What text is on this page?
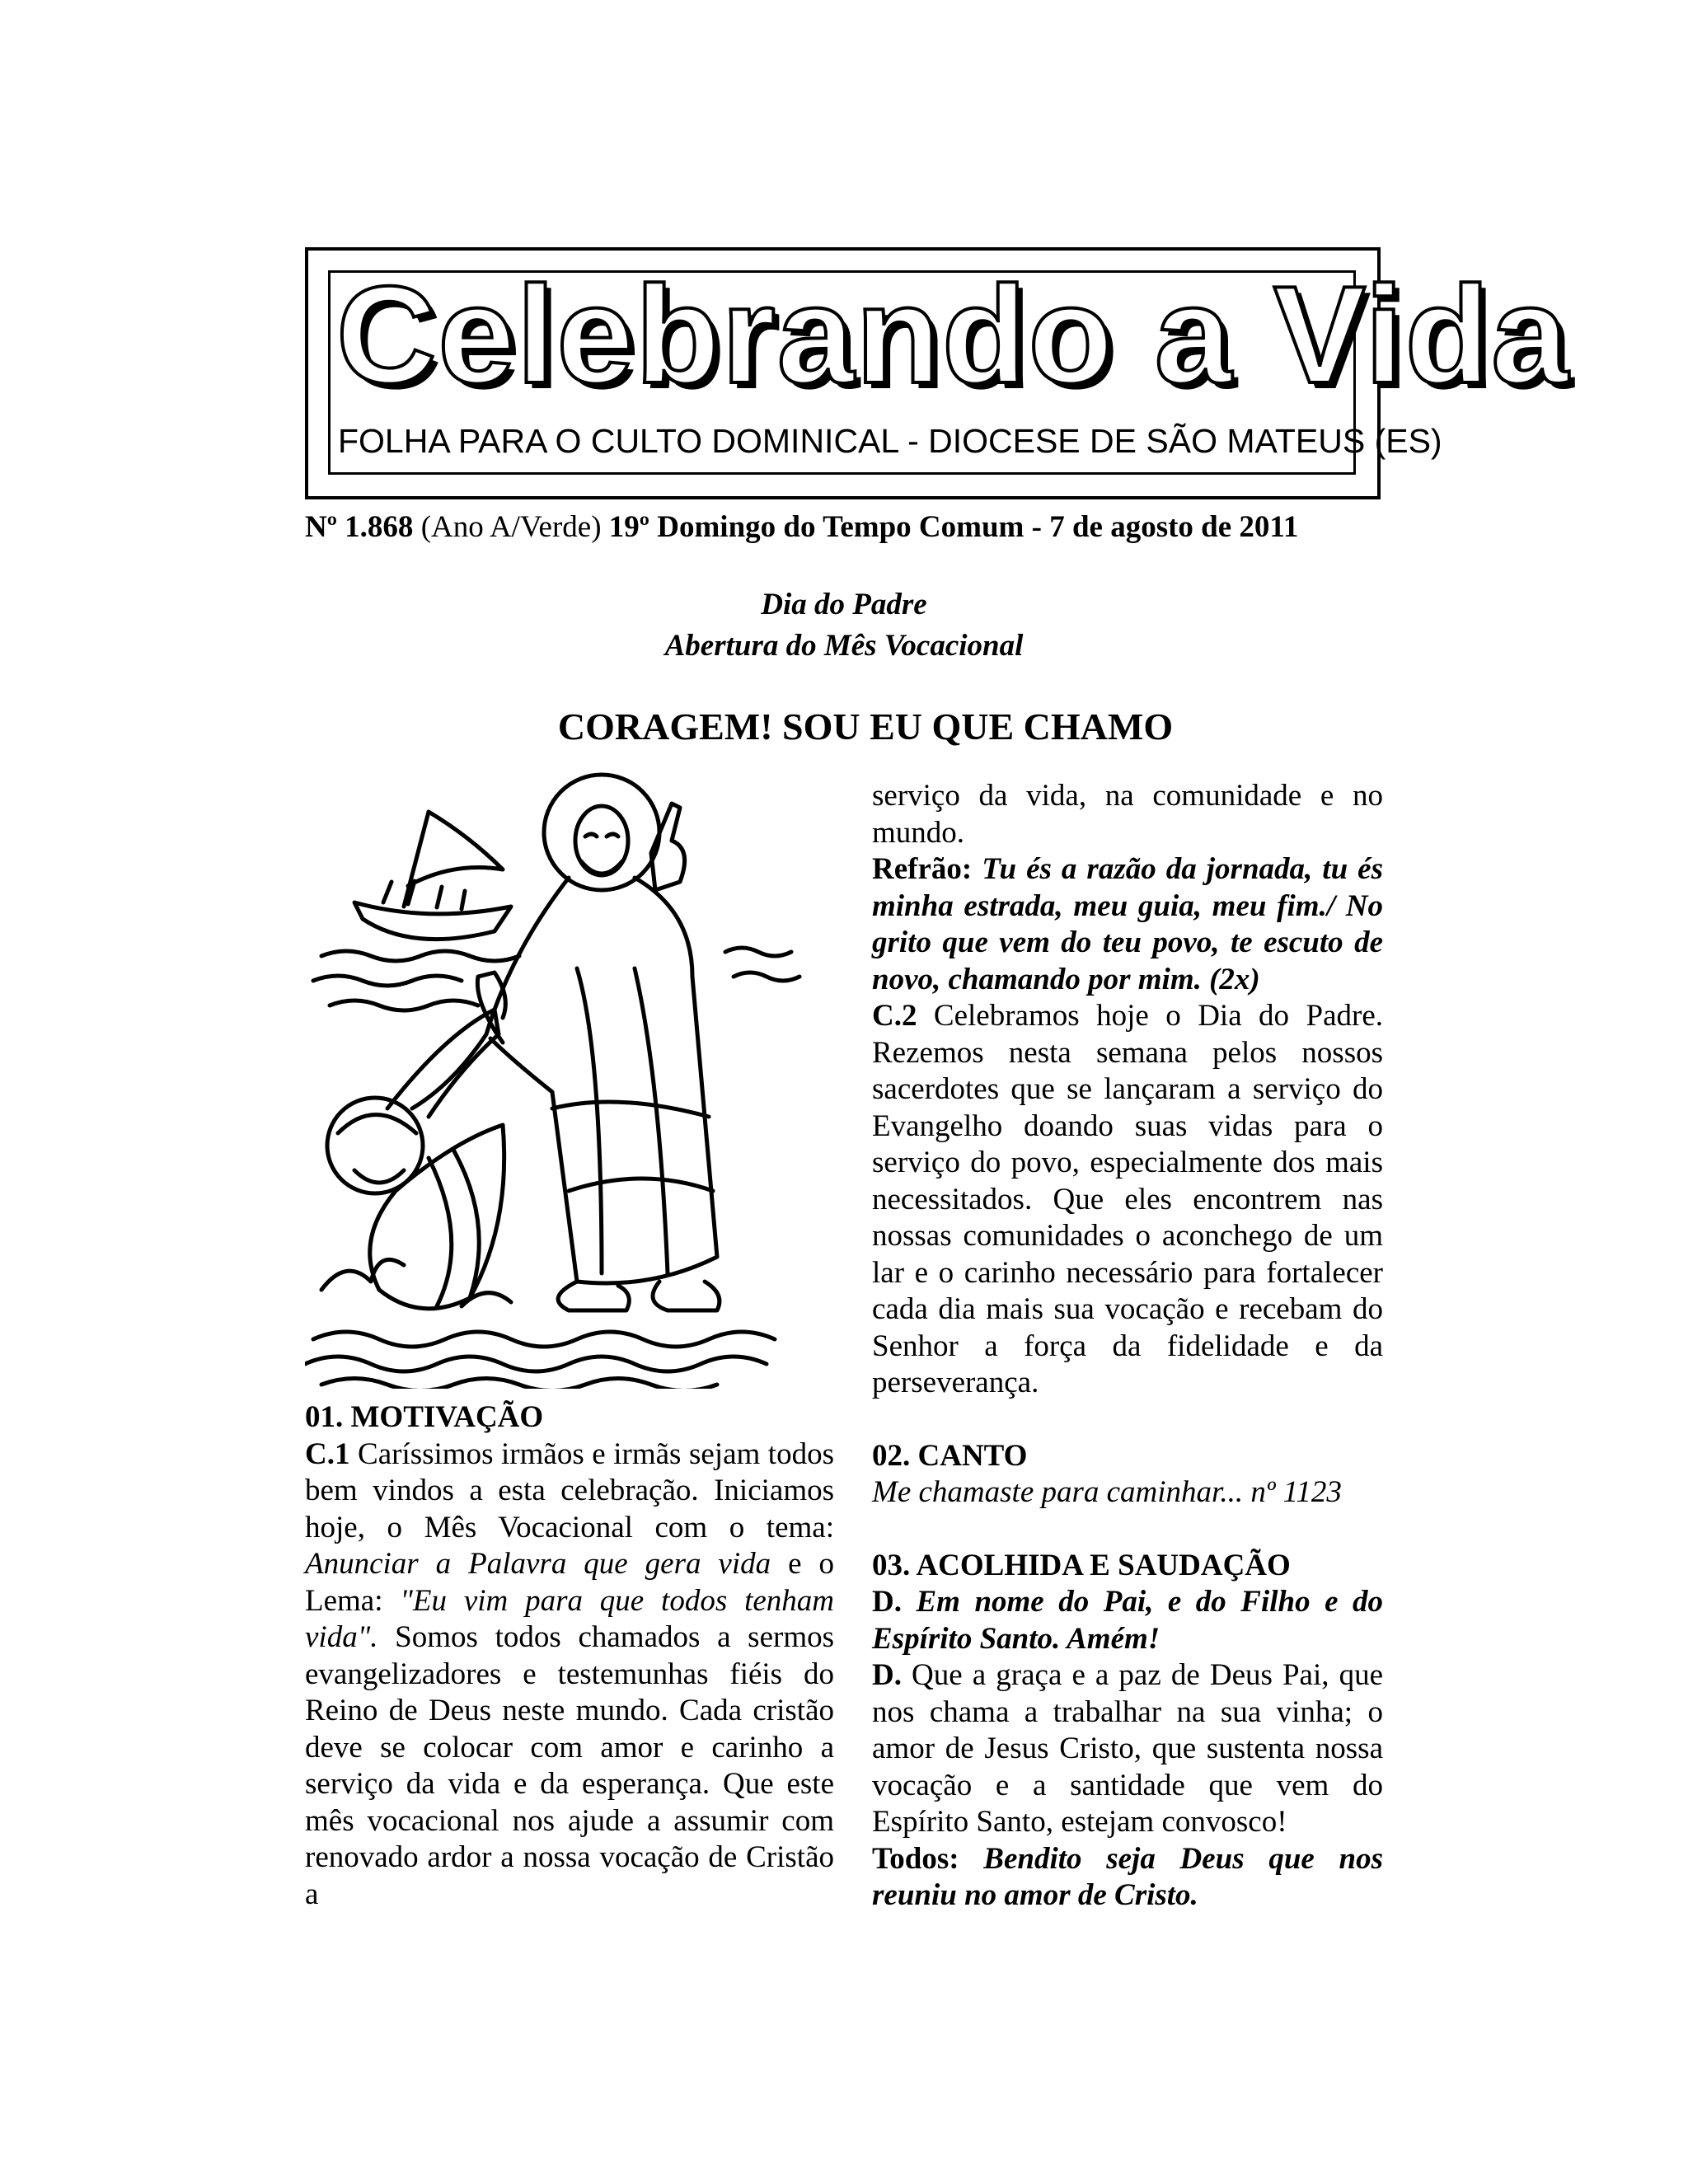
Celebrando a Vida
FOLHA PARA O CULTO DOMINICAL - DIOCESE DE SÃO MATEUS (ES)
Nº 1.868 (Ano A/Verde) 19º Domingo do Tempo Comum - 7 de agosto de 2011
Dia do Padre
Abertura do Mês Vocacional
CORAGEM! SOU EU QUE CHAMO

01. MOTIVAÇÃO

C.1 Caríssimos irmãos e irmãs sejam todos bem vindos a esta celebração. Iniciamos hoje, o Mês Vocacional com o tema: Anunciar a Palavra que gera vida e o Lema: "Eu vim para que todos tenham vida". Somos todos chamados a sermos evangelizadores e testemunhas fiéis do Reino de Deus neste mundo. Cada cristão deve se colocar com amor e carinho a serviço da vida e da esperança. Que este mês vocacional nos ajude a assumir com renovado ardor a nossa vocação de Cristão a

serviço da vida, na comunidade e no mundo.

Refrão: Tu és a razão da jornada, tu és minha estrada, meu guia, meu fim./ No grito que vem do teu povo, te escuto de novo, chamando por mim. (2x)

C.2 Celebramos hoje o Dia do Padre. Rezemos nesta semana pelos nossos sacerdotes que se lançaram a serviço do Evangelho doando suas vidas para o serviço do povo, especialmente dos mais necessitados. Que eles encontrem nas nossas comunidades o aconchego de um lar e o carinho necessário para fortalecer cada dia mais sua vocação e recebam do Senhor a força da fidelidade e da perseverança.

02. CANTO

Me chamaste para caminhar... nº 1123

03. ACOLHIDA E SAUDAÇÃO

D. Em nome do Pai, e do Filho e do Espírito Santo. Amém!

D. Que a graça e a paz de Deus Pai, que nos chama a trabalhar na sua vinha; o amor de Jesus Cristo, que sustenta nossa vocação e a santidade que vem do Espírito Santo, estejam convosco!

Todos: Bendito seja Deus que nos reuniu no amor de Cristo.
